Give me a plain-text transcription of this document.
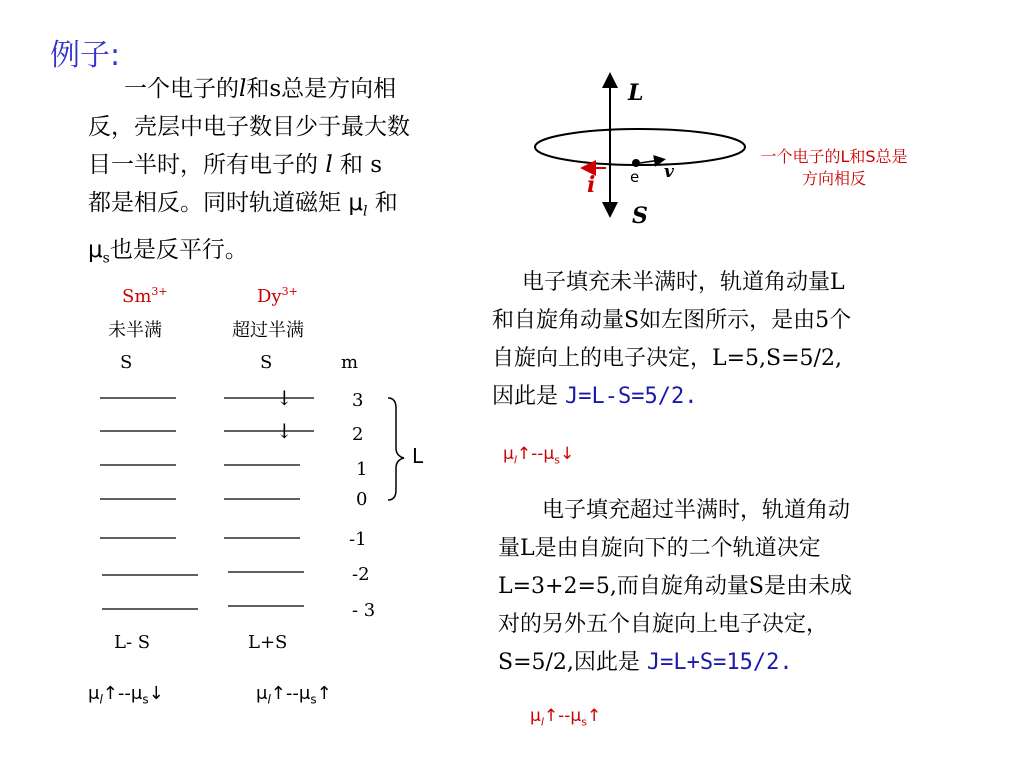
例子:
一个电子的l和s总是方向相
反，壳层中电子数目少于最大数
目一半时，所有电子的 l 和 s
都是相反。同时轨道磁矩 $\mu_l$ 和
$\mu_s$也是反平行。
L
S
i e v
一个电子的L和S总是
方向相反
$Sm^{3+}$	$Dy^{3+}$
未半满	超过半满
S	S	m
↓
↓
3
2
1
0
-1
-2
- 3
L
L- S	L+S
$\mu_l↑--\mu_s↓$	$\mu_l↑--\mu_s↑$
电子填充未半满时，轨道角动量L
和自旋角动量S如左图所示，是由5个
自旋向上的电子决定，L=5,S=5/2,
因此是 J=L-S=5/2.
$\mu_l↑--\mu_s↓$
电子填充超过半满时，轨道角动
量L是由自旋向下的二个轨道决定
L=3+2=5,而自旋角动量S是由未成
对的另外五个自旋向上电子决定，
S=5/2,因此是 J=L+S=15/2.
$\mu_l↑--\mu_s↑$
